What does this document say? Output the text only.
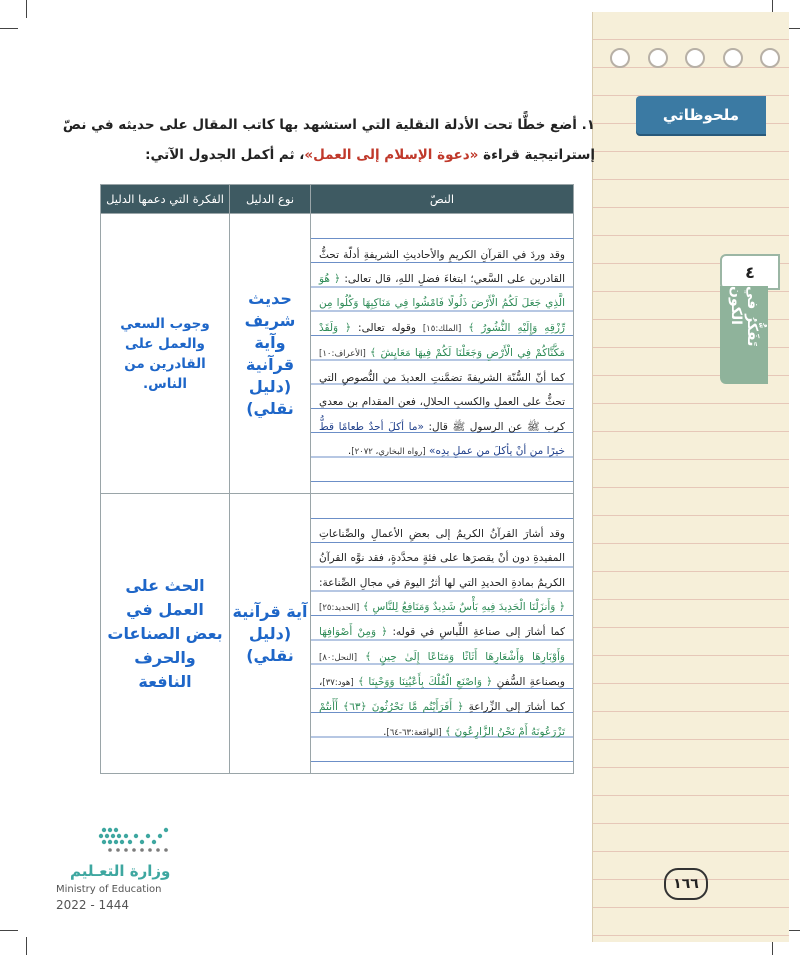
ملحوظاتي
٤
تَفَكُّرُ في الكون
١. أضع خطًّا تحت الأدلة النقلية التي استشهد بها كاتب المقال على حديثه في نصّ
إستراتيجية قراءة «دعوة الإسلام إلى العمل»، ثم أكمل الجدول الآتي:
النصّ	نوع الدليل	الفكرة التي دعمها الدليل
وقد وردَ في القرآنِ الكريمِ والأحاديثِ الشريفةِ أدلّة تحثُّ القادرين على السَّعي؛ ابتغاءَ فضلِ اللهِ، قال تعالى: ﴿ هُوَ الَّذِي جَعَلَ لَكُمُ الْأَرْضَ ذَلُولًا فَامْشُوا فِي مَنَاكِبِهَا وَكُلُوا مِن رِّزْقِهِ وَإِلَيْهِ النُّشُورُ ﴾ [الملك:١٥] وقوله تعالى: ﴿ وَلَقَدْ مَكَّنَّاكُمْ فِي الْأَرْضِ وَجَعَلْنَا لَكُمْ فِيهَا مَعَايِشَ ﴾ [الأعراف:١٠] كما أنّ السُّنّة الشريفةَ تضمَّنتِ العديدَ من النُّصوصِ التي تحثُّ على العملِ والكسبِ الحلالِ، فعن المقدام بن معدي كرب ﷺ عن الرسول ﷺ قال: «ما أكلَ أحدٌ طعامًا قطُّ خيرًا من أنْ يأكلَ من عملِ يدِه» [رواه البخاري، ٢٠٧٢].	حديث شريف وآية قرآنية (دليل نقلي)	وجوب السعي والعمل على القادرين من الناس.
وقد أشارَ القرآنُ الكريمُ إلى بعضِ الأعمالِ والصِّناعاتِ المفيدةِ دون أنْ يقصرَها على فئةٍ محدَّدةٍ، فقد نوَّه القرآنُ الكريمُ بمادةِ الحديدِ التي لها أثرُ اليومَ في مجالِ الصِّناعة: ﴿ وَأَنزَلْنَا الْحَدِيدَ فِيهِ بَأْسٌ شَدِيدٌ وَمَنَافِعُ لِلنَّاسِ ﴾ [الحديد:٢٥] كما أشارَ إلى صناعةِ اللِّباسِ في قوله: ﴿ وَمِنْ أَصْوَافِهَا وَأَوْبَارِهَا وَأَشْعَارِهَا أَثَاثًا وَمَتَاعًا إِلَىٰ حِينٍ ﴾ [النحل:٨٠] وبصناعةِ السُّفنِ ﴿ وَاصْنَعِ الْفُلْكَ بِأَعْيُنِنَا وَوَحْيِنَا ﴾ [هود:٣٧]، كما أشارَ إلى الزِّراعةِ ﴿ أَفَرَأَيْتُم مَّا تَحْرُثُونَ ﴿٦٣﴾ أَأَنتُمْ تَزْرَعُونَهُ أَمْ نَحْنُ الزَّارِعُونَ ﴾ [الواقعة:٦٣-٦٤].	آية قرآنية (دليل نقلي)	الحث على العمل في بعض الصناعات والحرف النافعة
١٦٦
وزارة التعـليم
Ministry of Education
2022 - 1444
